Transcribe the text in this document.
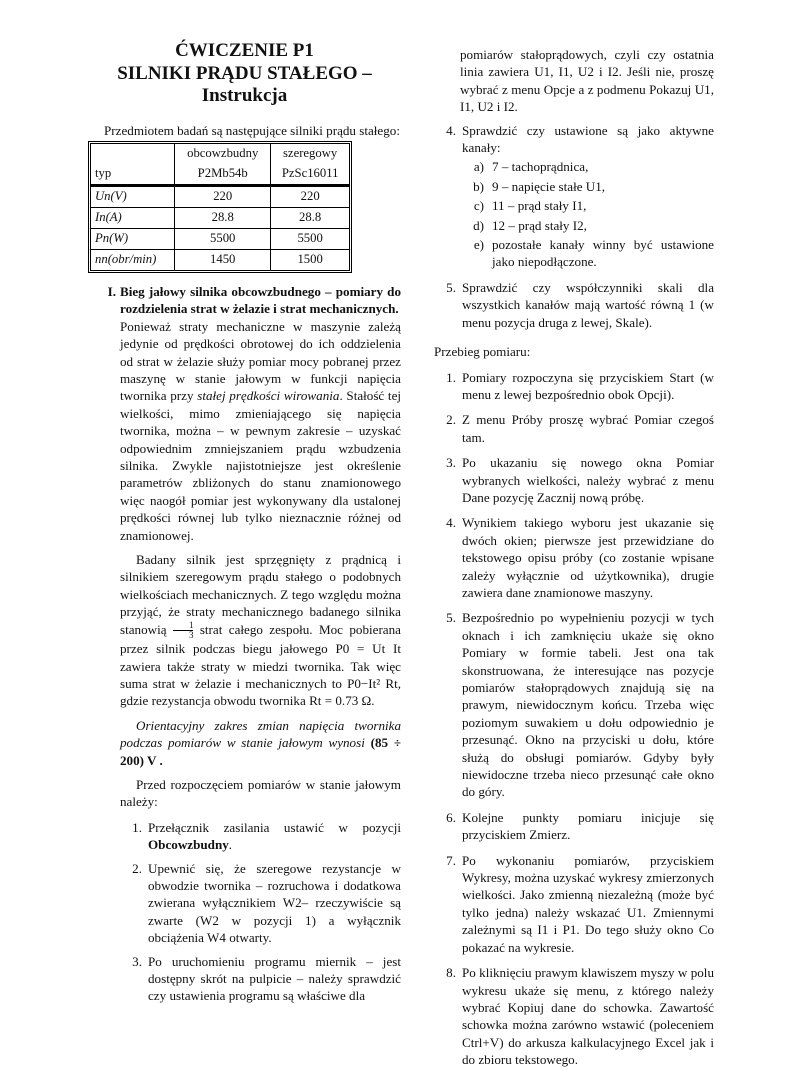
ĆWICZENIE P1
SILNIKI PRĄDU STAŁEGO –
Instrukcja

Przedmiotem badań są następujące silniki prądu stałego:

	obcowzbudny	szeregowy
typ	P2Mb54b	PzSc16011
Un(V)	220	220
In(A)	28.8	28.8
Pn(W)	5500	5500
nn(obr/min)	1450	1500
I. Bieg jałowy silnika obcowzbudnego – pomiary do rozdzielenia strat w żelazie i strat mechanicznych.

Ponieważ straty mechaniczne w maszynie zależą jedynie od prędkości obrotowej do ich oddzielenia od strat w żelazie służy pomiar mocy pobranej przez maszynę w stanie jałowym w funkcji napięcia twornika przy stałej prędkości wirowania. Stałość tej wielkości, mimo zmieniającego się napięcia twornika, można – w pewnym zakresie – uzyskać odpowiednim zmniejszaniem prądu wzbudzenia silnika. Zwykle najistotniejsze jest określenie parametrów zbliżonych do stanu znamionowego więc naogół pomiar jest wykonywany dla ustalonej prędkości równej lub tylko nieznacznie różnej od znamionowej.

Badany silnik jest sprzęgnięty z prądnicą i silnikiem szeregowym prądu stałego o podobnych wielkościach mechanicznych. Z tego względu można przyjąć, że straty mechanicznego badanego silnika stanowią $\frac{1}{3}$ strat całego zespołu. Moc pobierana przez silnik podczas biegu jałowego P0 = Ut It zawiera także straty w miedzi twornika. Tak więc suma strat w żelazie i mechanicznych to P0−It² Rt, gdzie rezystancja obwodu twornika Rt = 0.73 Ω.

Orientacyjny zakres zmian napięcia twornika podczas pomiarów w stanie jałowym wynosi (85 ÷ 200) V .

Przed rozpoczęciem pomiarów w stanie jałowym należy:

1. Przełącznik zasilania ustawić w pozycji Obcowzbudny.
2. Upewnić się, że szeregowe rezystancje w obwodzie twornika – rozruchowa i dodatkowa zwierana wyłącznikiem W2– rzeczywiście są zwarte (W2 w pozycji 1) a wyłącznik obciążenia W4 otwarty.
3. Po uruchomieniu programu miernik – jest dostępny skrót na pulpicie – należy sprawdzić czy ustawienia programu są właściwe dla

pomiarów stałoprądowych, czyli czy ostatnia linia zawiera U1, I1, U2 i I2. Jeśli nie, proszę wybrać z menu Opcje a z podmenu Pokazuj U1, I1, U2 i I2.

4. Sprawdzić czy ustawione są jako aktywne kanały:
a) 7 – tachoprądnica,
b) 9 – napięcie stałe U1,
c) 11 – prąd stały I1,
d) 12 – prąd stały I2,
e) pozostałe kanały winny być ustawione jako niepodłączone.
5. Sprawdzić czy współczynniki skali dla wszystkich kanałów mają wartość równą 1 (w menu pozycja druga z lewej, Skale).

Przebieg pomiaru:

1. Pomiary rozpoczyna się przyciskiem Start (w menu z lewej bezpośrednio obok Opcji).
2. Z menu Próby proszę wybrać Pomiar czegoś tam.
3. Po ukazaniu się nowego okna Pomiar wybranych wielkości, należy wybrać z menu Dane pozycję Zacznij nową próbę.
4. Wynikiem takiego wyboru jest ukazanie się dwóch okien; pierwsze jest przewidziane do tekstowego opisu próby (co zostanie wpisane zależy wyłącznie od użytkownika), drugie zawiera dane znamionowe maszyny.
5. Bezpośrednio po wypełnieniu pozycji w tych oknach i ich zamknięciu ukaże się okno Pomiary w formie tabeli. Jest ona tak skonstruowana, że interesujące nas pozycje pomiarów stałoprądowych znajdują się na prawym, niewidocznym końcu. Trzeba więc poziomym suwakiem u dołu odpowiednio je przesunąć. Okno na przyciski u dołu, które służą do obsługi pomiarów. Gdyby były niewidoczne trzeba nieco przesunąć całe okno do góry.
6. Kolejne punkty pomiaru inicjuje się przyciskiem Zmierz.
7. Po wykonaniu pomiarów, przyciskiem Wykresy, można uzyskać wykresy zmierzonych wielkości. Jako zmienną niezależną (może być tylko jedna) należy wskazać U1. Zmiennymi zależnymi są I1 i P1. Do tego służy okno Co pokazać na wykresie.
8. Po kliknięciu prawym klawiszem myszy w polu wykresu ukaże się menu, z którego należy wybrać Kopiuj dane do schowka. Zawartość schowka można zarówno wstawić (poleceniem Ctrl+V) do arkusza kalkulacyjnego Excel jak i do zbioru tekstowego.
